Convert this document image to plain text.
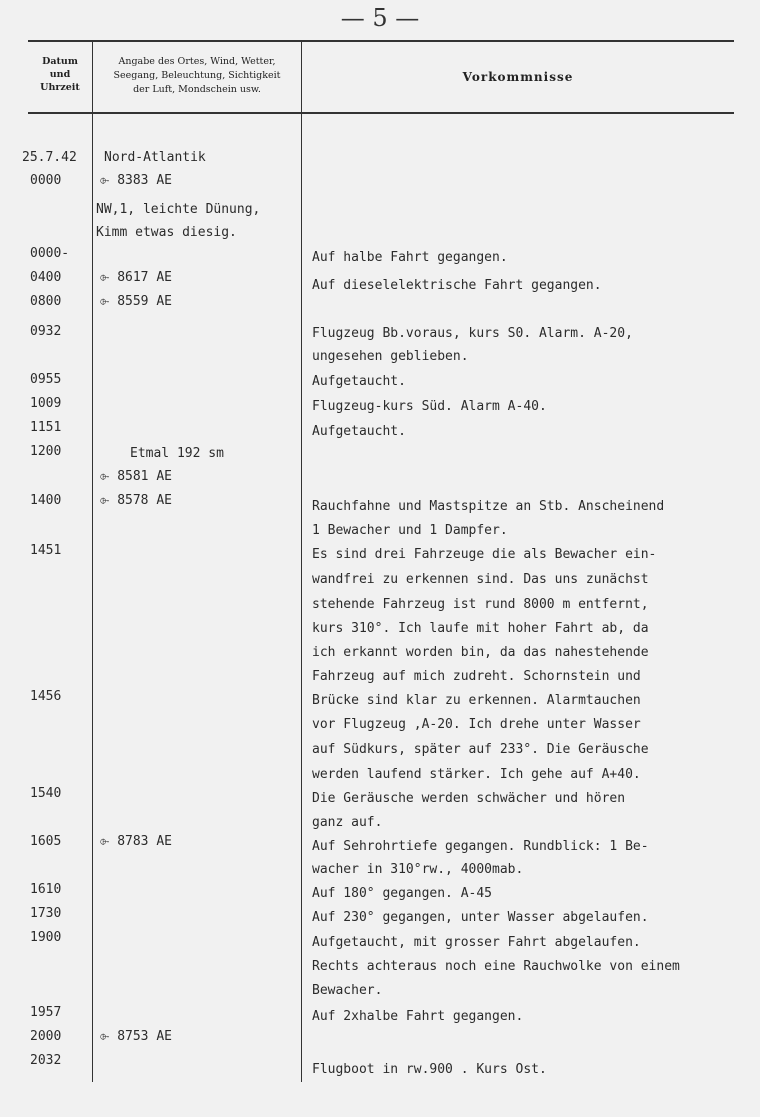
— 5 —
Datum
und
Uhrzeit
Angabe des Ortes, Wind, Wetter,
Seegang, Beleuchtung, Sichtigkeit
der Luft, Mondschein usw.
Vorkommnisse
25.7.42
0000
0000-
0400
0800
0932
0955
1009
1151
1200
1400
1451
1456
1540
1605
1610
1730
1900
1957
2000
2032
Nord-Atlantik
⌱ 8383 AE
NW,1, leichte Dünung,
Kimm etwas diesig.
⌱ 8617 AE
⌱ 8559 AE
Etmal 192 sm
⌱ 8581 AE
⌱ 8578 AE
⌱ 8783 AE
⌱ 8753 AE
Auf halbe Fahrt gegangen.
Auf dieselelektrische Fahrt gegangen.
Flugzeug Bb.voraus, kurs S0. Alarm. A-20,
ungesehen geblieben.
Aufgetaucht.
Flugzeug-kurs Süd. Alarm A-40.
Aufgetaucht.
Rauchfahne und Mastspitze an Stb. Anscheinend
1 Bewacher und 1 Dampfer.
Es sind drei Fahrzeuge die als Bewacher ein-
wandfrei zu erkennen sind. Das uns zunächst
stehende Fahrzeug ist rund 8000 m entfernt,
kurs 310°. Ich laufe mit hoher Fahrt ab, da
ich erkannt worden bin, da das nahestehende
Fahrzeug auf mich zudreht. Schornstein und
Brücke sind klar zu erkennen. Alarmtauchen
vor Flugzeug ,A-20. Ich drehe unter Wasser
auf Südkurs, später auf 233°. Die Geräusche
werden laufend stärker. Ich gehe auf A+40.
Die Geräusche werden schwächer und hören
ganz auf.
Auf Sehrohrtiefe gegangen. Rundblick: 1 Be-
wacher in 310°rw., 4000mab.
Auf 180° gegangen. A-45
Auf 230° gegangen, unter Wasser abgelaufen.
Aufgetaucht, mit grosser Fahrt abgelaufen.
Rechts achteraus noch eine Rauchwolke von einem
Bewacher.
Auf 2xhalbe Fahrt gegangen.
Flugboot in rw.900 . Kurs Ost.
